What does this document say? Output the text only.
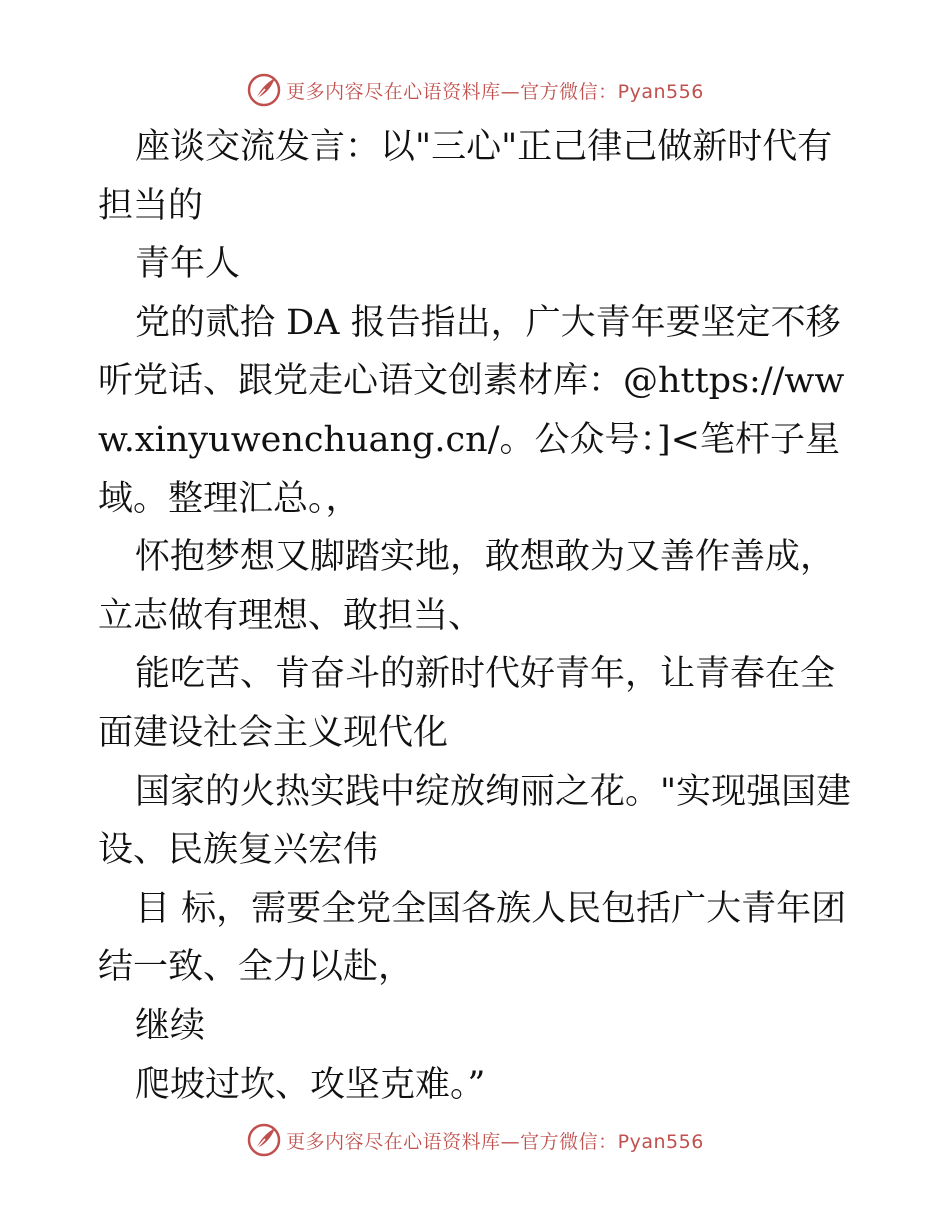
更多内容尽在心语资料库—官方微信：Pyan556

座谈交流发言：以"三心"正己律己做新时代有担当的

青年人

党的贰拾 DA 报告指出，广大青年要坚定不移听党话、跟党走心语文创素材库：@https://www.xinyuwenchuang.cn/。公众号：]<笔杆子星域。整理汇总。，

怀抱梦想又脚踏实地，敢想敢为又善作善成，立志做有理想、敢担当、

能吃苦、肯奋斗的新时代好青年，让青春在全面建设社会主义现代化

国家的火热实践中绽放绚丽之花。"实现强国建设、民族复兴宏伟

目 标，需要全党全国各族人民包括广大青年团结一致、全力以赴，

继续

爬坡过坎、攻坚克难。”

更多内容尽在心语资料库—官方微信：Pyan556
